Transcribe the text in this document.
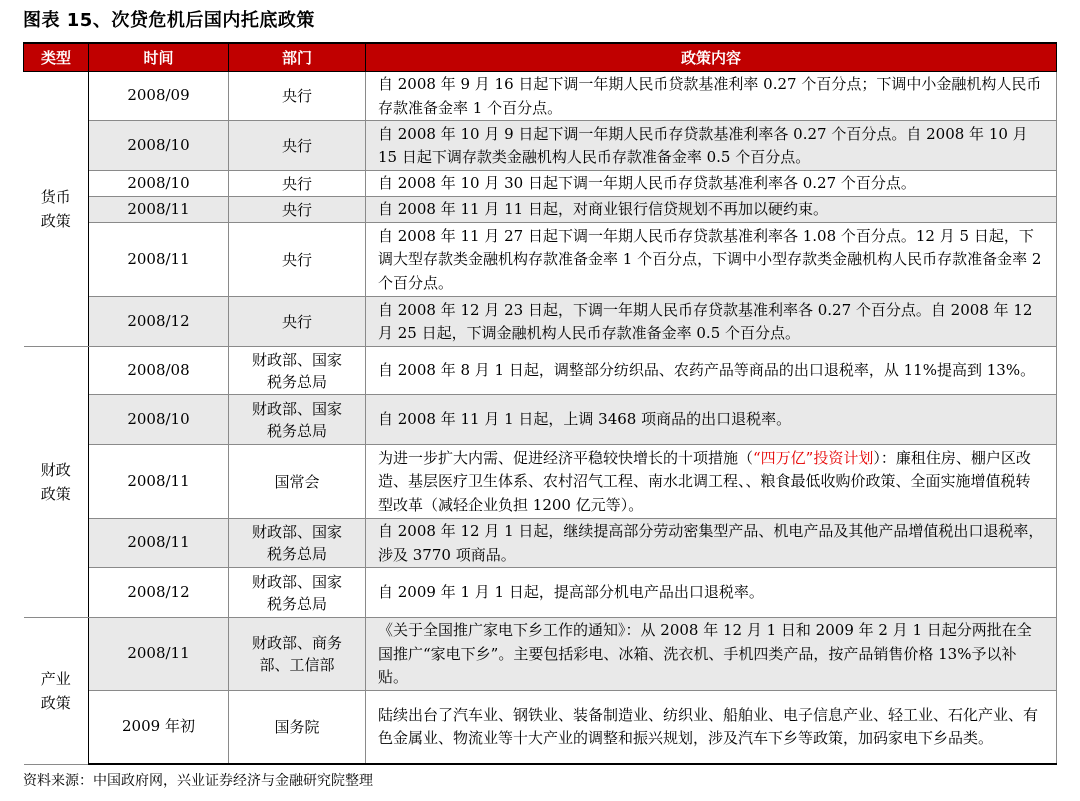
图表 15、次贷危机后国内托底政策
类型	时间	部门	政策内容
货币政策	2008/09	央行	自 2008 年 9 月 16 日起下调一年期人民币贷款基准利率 0.27 个百分点；下调中小金融机构人民币存款准备金率 1 个百分点。
	2008/10	央行	自 2008 年 10 月 9 日起下调一年期人民币存贷款基准利率各 0.27 个百分点。自 2008 年 10 月 15 日起下调存款类金融机构人民币存款准备金率 0.5 个百分点。
	2008/10	央行	自 2008 年 10 月 30 日起下调一年期人民币存贷款基准利率各 0.27 个百分点。
	2008/11	央行	自 2008 年 11 月 11 日起，对商业银行信贷规划不再加以硬约束。
	2008/11	央行	自 2008 年 11 月 27 日起下调一年期人民币存贷款基准利率各 1.08 个百分点。12 月 5 日起，下调大型存款类金融机构存款准备金率 1 个百分点，下调中小型存款类金融机构人民币存款准备金率 2 个百分点。
	2008/12	央行	自 2008 年 12 月 23 日起，下调一年期人民币存贷款基准利率各 0.27 个百分点。自 2008 年 12 月 25 日起，下调金融机构人民币存款准备金率 0.5 个百分点。
财政政策	2008/08	财政部、国家税务总局	自 2008 年 8 月 1 日起，调整部分纺织品、农药产品等商品的出口退税率，从 11%提高到 13%。
	2008/10	财政部、国家税务总局	自 2008 年 11 月 1 日起，上调 3468 项商品的出口退税率。
	2008/11	国常会	为进一步扩大内需、促进经济平稳较快增长的十项措施（“四万亿”投资计划）：廉租住房、棚户区改造、基层医疗卫生体系、农村沼气工程、南水北调工程、、粮食最低收购价政策、全面实施增值税转型改革（减轻企业负担 1200 亿元等）。
	2008/11	财政部、国家税务总局	自 2008 年 12 月 1 日起，继续提高部分劳动密集型产品、机电产品及其他产品增值税出口退税率，涉及 3770 项商品。
	2008/12	财政部、国家税务总局	自 2009 年 1 月 1 日起，提高部分机电产品出口退税率。
产业政策	2008/11	财政部、商务部、工信部	《关于全国推广家电下乡工作的通知》：从 2008 年 12 月 1 日和 2009 年 2 月 1 日起分两批在全国推广“家电下乡”。主要包括彩电、冰箱、洗衣机、手机四类产品，按产品销售价格 13%予以补贴。
	2009 年初	国务院	陆续出台了汽车业、钢铁业、装备制造业、纺织业、船舶业、电子信息产业、轻工业、石化产业、有色金属业、物流业等十大产业的调整和振兴规划，涉及汽车下乡等政策，加码家电下乡品类。
资料来源：中国政府网，兴业证券经济与金融研究院整理
